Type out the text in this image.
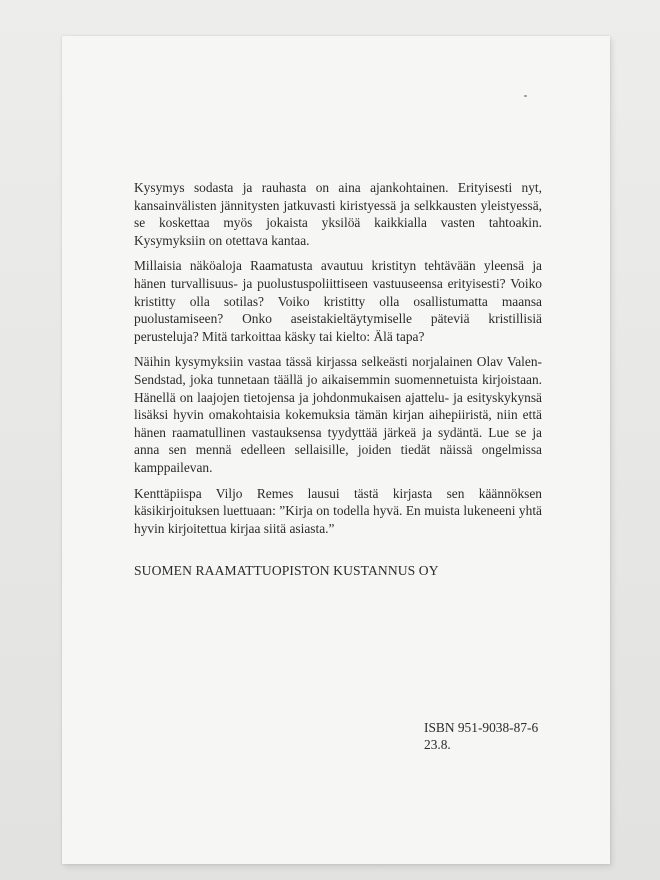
Kysymys sodasta ja rauhasta on aina ajankohtainen. Erityisesti nyt, kansainvälisten jännitysten jatkuvasti kiristyessä ja selkkausten yleistyessä, se koskettaa myös jokaista yksilöä kaikkialla vasten tahtoakin. Kysymyksiin on otettava kantaa.

Millaisia näköaloja Raamatusta avautuu kristityn tehtävään yleensä ja hänen turvallisuus- ja puolustuspoliittiseen vastuuseensa erityisesti? Voiko kristitty olla sotilas? Voiko kristitty olla osallistumatta maansa puolustamiseen? Onko aseistakieltäytymiselle päteviä kristillisiä perusteluja? Mitä tarkoittaa käsky tai kielto: Älä tapa?

Näihin kysymyksiin vastaa tässä kirjassa selkeästi norjalainen Olav Valen-Sendstad, joka tunnetaan täällä jo aikaisemmin suomennetuista kirjoistaan. Hänellä on laajojen tietojensa ja johdonmukaisen ajattelu- ja esityskykynsä lisäksi hyvin omakohtaisia kokemuksia tämän kirjan aihepiiristä, niin että hänen raamatullinen vastauksensa tyydyttää järkeä ja sydäntä. Lue se ja anna sen mennä edelleen sellaisille, joiden tiedät näissä ongelmissa kamppailevan.

Kenttäpiispa Viljo Remes lausui tästä kirjasta sen käännöksen käsikirjoituksen luettuaan: ”Kirja on todella hyvä. En muista lukeneeni yhtä hyvin kirjoitettua kirjaa siitä asiasta.”

SUOMEN RAAMATTUOPISTON KUSTANNUS OY
ISBN 951-9038-87-6
23.8.
